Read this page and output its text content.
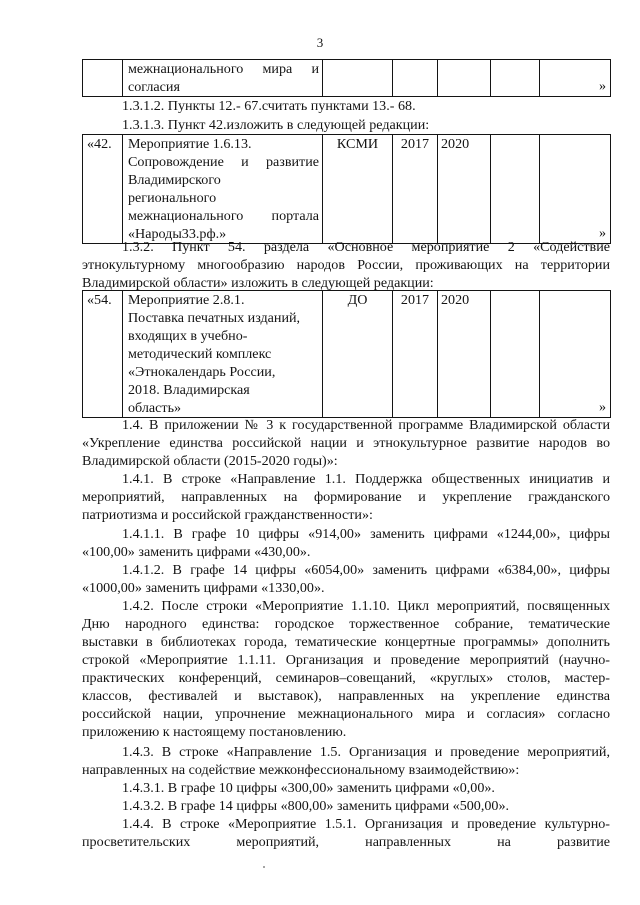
3

межнационального мира и
согласия					»

1.3.1.2. Пункты 12.- 67.считать пунктами 13.- 68.

1.3.1.3. Пункт 42.изложить в следующей редакции:

«42.	Мероприятие 1.6.13.
Сопровождение и развитие
Владимирского
регионального
межнационального портала
«Народы33.рф.»
	КСМИ	2017	2020		
»

1.3.2. Пункт 54. раздела «Основное мероприятие 2 «Содействие
этнокультурному многообразию народов России, проживающих на территории
Владимирской области» изложить в следующей редакции:

«54.	Мероприятие 2.8.1.
Поставка печатных изданий,
входящих в учебно-
методический комплекс
«Этнокалендарь России,
2018. Владимирская
область»
	ДО	2017	2020		
»

1.4. В приложении № 3 к государственной программе Владимирской области
«Укрепление единства российской нации и этнокультурное развитие народов во
Владимирской области (2015-2020 годы)»:

1.4.1. В строке «Направление 1.1. Поддержка общественных инициатив и
мероприятий, направленных на формирование и укрепление гражданского
патриотизма и российской гражданственности»:

1.4.1.1. В графе 10 цифры «914,00» заменить цифрами «1244,00», цифры
«100,00» заменить цифрами «430,00».

1.4.1.2. В графе 14 цифры «6054,00» заменить цифрами «6384,00», цифры
«1000,00» заменить цифрами «1330,00».

1.4.2. После строки «Мероприятие 1.1.10. Цикл мероприятий, посвященных
Дню народного единства: городское торжественное собрание, тематические
выставки в библиотеках города, тематические концертные программы» дополнить
строкой «Мероприятие 1.1.11. Организация и проведение мероприятий (научно-
практических конференций, семинаров–совещаний, «круглых» столов, мастер-
классов, фестивалей и выставок), направленных на укрепление единства
российской нации, упрочнение межнационального мира и согласия» согласно
приложению к настоящему постановлению.

1.4.3. В строке «Направление 1.5. Организация и проведение мероприятий,
направленных на содействие межконфессиональному взаимодействию»:

1.4.3.1. В графе 10 цифры «300,00» заменить цифрами «0,00».

1.4.3.2. В графе 14 цифры «800,00» заменить цифрами «500,00».

1.4.4. В строке «Мероприятие 1.5.1. Организация и проведение культурно-
просветительских мероприятий, направленных на развитие
